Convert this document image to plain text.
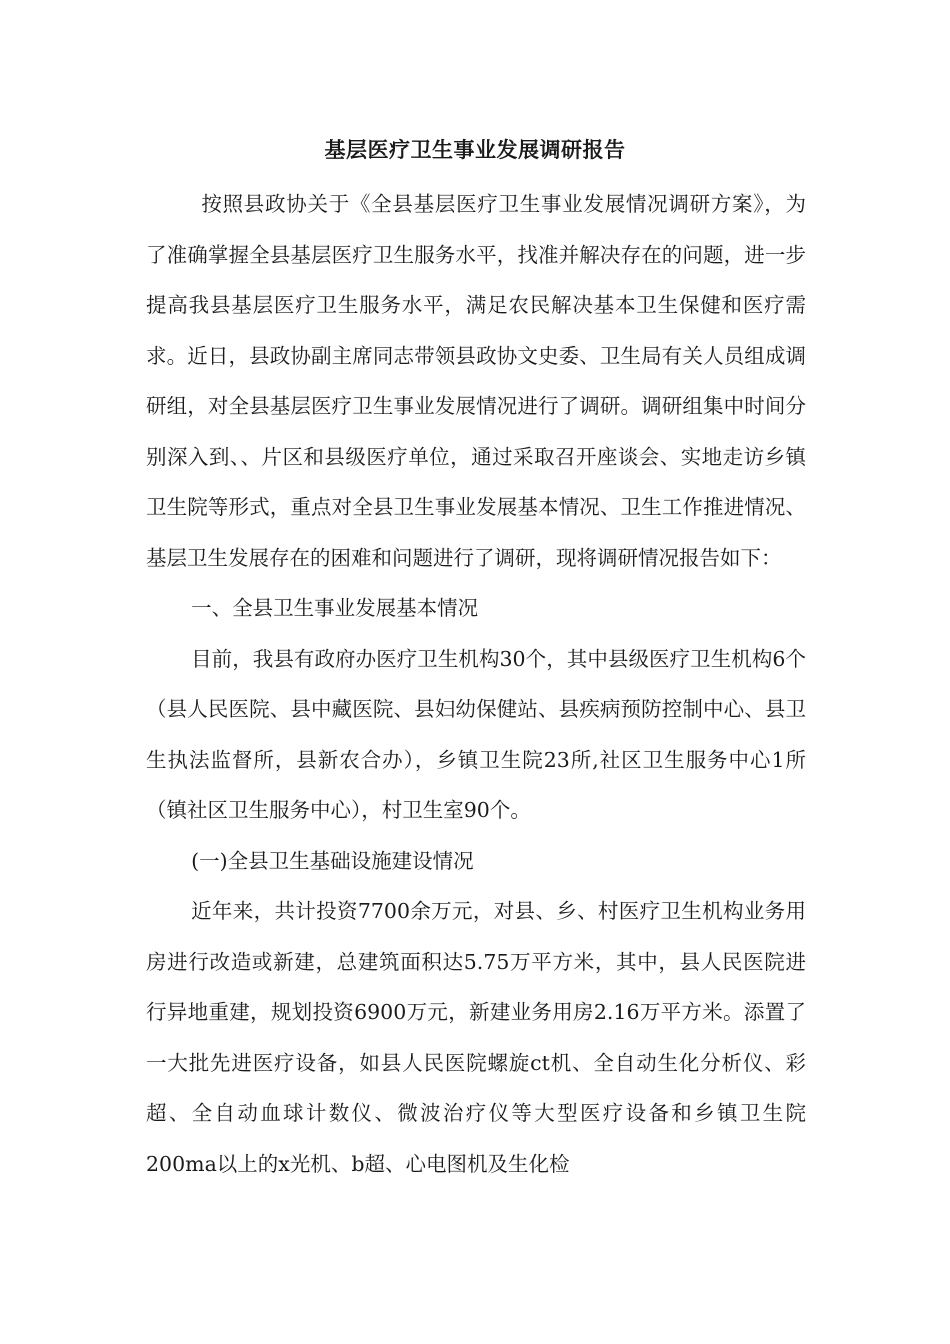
基层医疗卫生事业发展调研报告

按照县政协关于《全县基层医疗卫生事业发展情况调研方案》，为了准确掌握全县基层医疗卫生服务水平，找准并解决存在的问题，进一步提高我县基层医疗卫生服务水平，满足农民解决基本卫生保健和医疗需求。近日，县政协副主席同志带领县政协文史委、卫生局有关人员组成调研组，对全县基层医疗卫生事业发展情况进行了调研。调研组集中时间分别深入到、、片区和县级医疗单位，通过采取召开座谈会、实地走访乡镇卫生院等形式，重点对全县卫生事业发展基本情况、卫生工作推进情况、基层卫生发展存在的困难和问题进行了调研，现将调研情况报告如下：

一、全县卫生事业发展基本情况

目前，我县有政府办医疗卫生机构30个，其中县级医疗卫生机构6个（县人民医院、县中藏医院、县妇幼保健站、县疾病预防控制中心、县卫生执法监督所，县新农合办），乡镇卫生院23所,社区卫生服务中心1所（镇社区卫生服务中心），村卫生室90个。

(一)全县卫生基础设施建设情况

近年来，共计投资7700余万元，对县、乡、村医疗卫生机构业务用房进行改造或新建，总建筑面积达5.75万平方米，其中，县人民医院进行异地重建，规划投资6900万元，新建业务用房2.16万平方米。添置了一大批先进医疗设备，如县人民医院螺旋ct机、全自动生化分析仪、彩超、全自动血球计数仪、微波治疗仪等大型医疗设备和乡镇卫生院200ma以上的x光机、b超、心电图机及生化检
